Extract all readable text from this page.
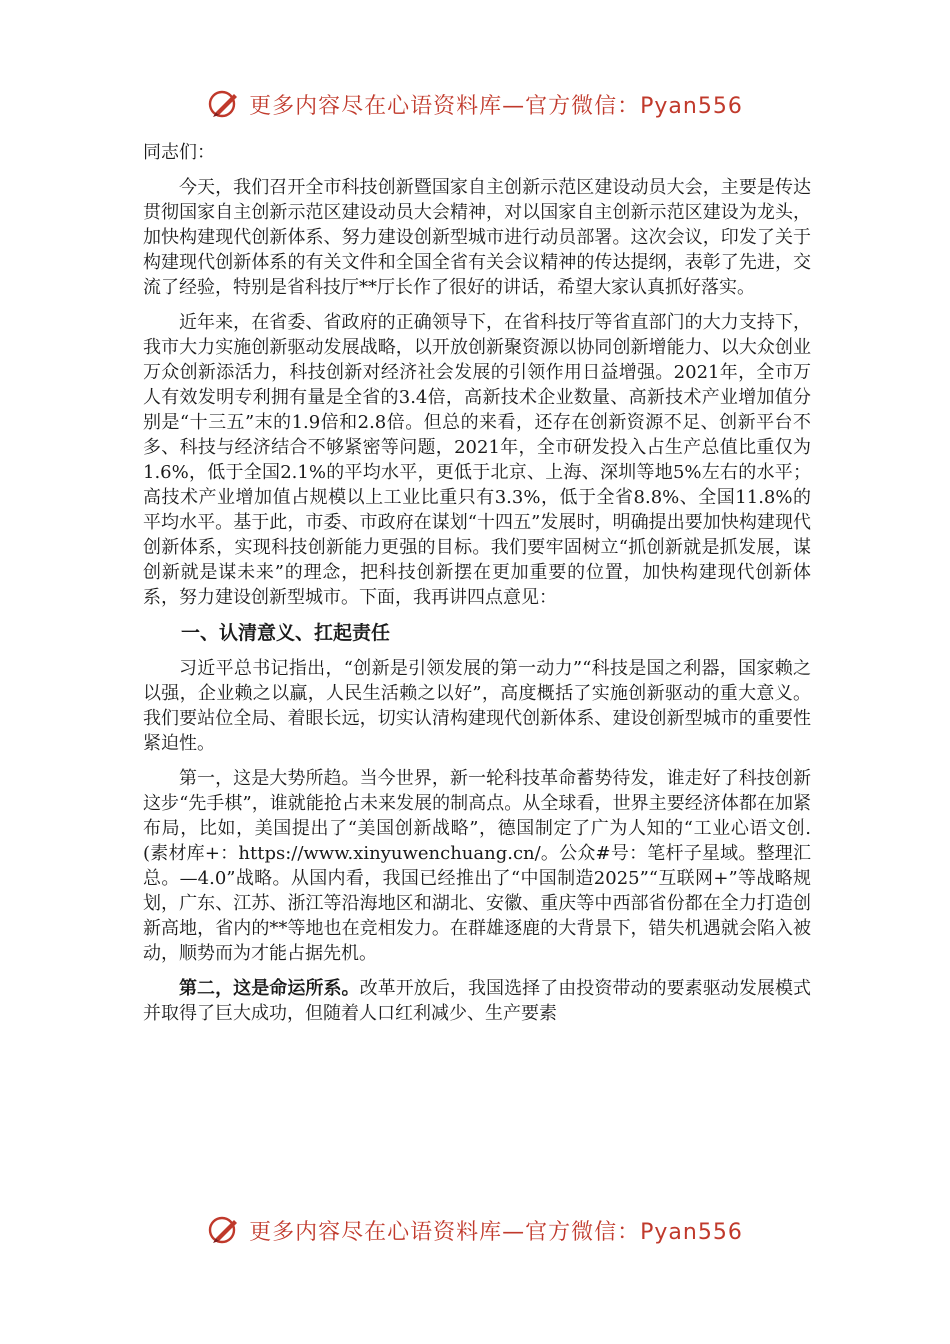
更多内容尽在心语资料库—官方微信：Pyan556

同志们：

今天，我们召开全市科技创新暨国家自主创新示范区建设动员大会，主要是传达贯彻国家自主创新示范区建设动员大会精神，对以国家自主创新示范区建设为龙头，加快构建现代创新体系、努力建设创新型城市进行动员部署。这次会议，印发了关于构建现代创新体系的有关文件和全国全省有关会议精神的传达提纲，表彰了先进，交流了经验，特别是省科技厅**厅长作了很好的讲话，希望大家认真抓好落实。

近年来，在省委、省政府的正确领导下，在省科技厅等省直部门的大力支持下，我市大力实施创新驱动发展战略，以开放创新聚资源以协同创新增能力、以大众创业万众创新添活力，科技创新对经济社会发展的引领作用日益增强。2021年，全市万人有效发明专利拥有量是全省的3.4倍，高新技术企业数量、高新技术产业增加值分别是“十三五”末的1.9倍和2.8倍。但总的来看，还存在创新资源不足、创新平台不多、科技与经济结合不够紧密等问题，2021年，全市研发投入占生产总值比重仅为1.6%，低于全国2.1%的平均水平，更低于北京、上海、深圳等地5%左右的水平；高技术产业增加值占规模以上工业比重只有3.3%，低于全省8.8%、全国11.8%的平均水平。基于此，市委、市政府在谋划“十四五”发展时，明确提出要加快构建现代创新体系，实现科技创新能力更强的目标。我们要牢固树立“抓创新就是抓发展，谋创新就是谋未来”的理念，把科技创新摆在更加重要的位置，加快构建现代创新体系，努力建设创新型城市。下面，我再讲四点意见：

一、认清意义、扛起责任

习近平总书记指出，“创新是引领发展的第一动力”“科技是国之利器，国家赖之以强，企业赖之以赢，人民生活赖之以好”，高度概括了实施创新驱动的重大意义。我们要站位全局、着眼长远，切实认清构建现代创新体系、建设创新型城市的重要性紧迫性。

第一，这是大势所趋。当今世界，新一轮科技革命蓄势待发，谁走好了科技创新这步“先手棋”，谁就能抢占未来发展的制高点。从全球看，世界主要经济体都在加紧布局，比如，美国提出了“美国创新战略”，德国制定了广为人知的“工业心语文创.(素材库+：https://www.xinyuwenchuang.cn/。公众#号：笔杆子星域。整理汇总。—4.0”战略。从国内看，我国已经推出了“中国制造2025”“互联网+”等战略规划，广东、江苏、浙江等沿海地区和湖北、安徽、重庆等中西部省份都在全力打造创新高地，省内的**等地也在竞相发力。在群雄逐鹿的大背景下，错失机遇就会陷入被动，顺势而为才能占据先机。

第二，这是命运所系。改革开放后，我国选择了由投资带动的要素驱动发展模式并取得了巨大成功，但随着人口红利减少、生产要素

更多内容尽在心语资料库—官方微信：Pyan556
